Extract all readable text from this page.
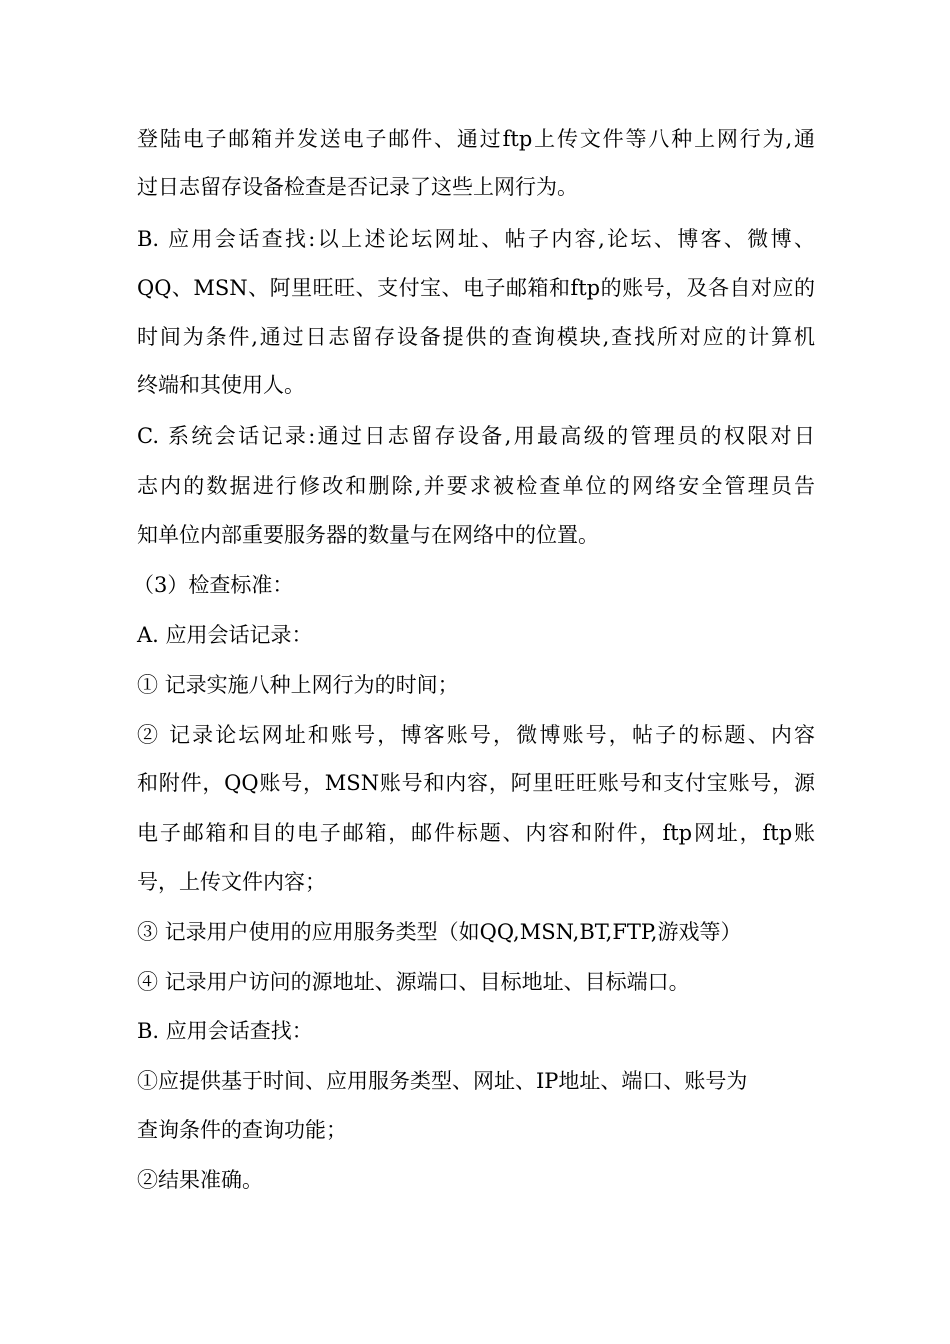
登陆电子邮箱并发送电子邮件、通过ftp上传文件等八种上网行为,通
过日志留存设备检查是否记录了这些上网行为。
B. 应用会话查找:以上述论坛网址、帖子内容,论坛、博客、微博、
QQ、MSN、阿里旺旺、支付宝、电子邮箱和ftp的账号，及各自对应的
时间为条件,通过日志留存设备提供的查询模块,查找所对应的计算机
终端和其使用人。
C. 系统会话记录:通过日志留存设备,用最高级的管理员的权限对日
志内的数据进行修改和删除,并要求被检查单位的网络安全管理员告
知单位内部重要服务器的数量与在网络中的位置。
（3）检查标准：
A. 应用会话记录：
① 记录实施八种上网行为的时间；
② 记录论坛网址和账号，博客账号，微博账号，帖子的标题、内容
和附件，QQ账号，MSN账号和内容，阿里旺旺账号和支付宝账号，源
电子邮箱和目的电子邮箱，邮件标题、内容和附件，ftp网址，ftp账
号，上传文件内容；
③ 记录用户使用的应用服务类型（如QQ,MSN,BT,FTP,游戏等）
④ 记录用户访问的源地址、源端口、目标地址、目标端口。
B. 应用会话查找：
①应提供基于时间、应用服务类型、网址、IP地址、端口、账号为
查询条件的查询功能；
②结果准确。
